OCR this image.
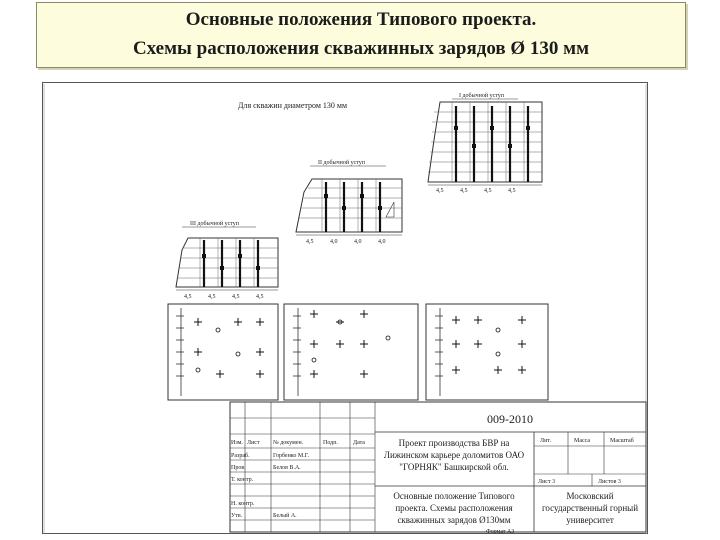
Основные положения Типового проекта.
Схемы расположения скважинных зарядов Ø 130 мм
Для скважин диаметром 130 мм
I добычной уступ
4,5	4,5	4,5	4,5
II добычной уступ
4,5	4,0	4,0	4,0
III добычной уступ
4,5	4,5	4,5	4,5
009-2010
Изм. Лист № докумен.	Подп.	Дата
Разраб.	Горбенко М.Г.
Пров.	Белов В.А.
Т. контр.
Н. контр.
Утв.	Белый А.
Проект производства БВР на
Лижинском карьере доломитов ОАО
"ГОРНЯК" Башкирской обл.
Основные положение Типового
проекта. Схемы расположения
скважинных зарядов Ø130мм
Лит.	Масса	Масштаб
Лист 3	Листов 3
Московский
государственный горный
университет
Формат А3
